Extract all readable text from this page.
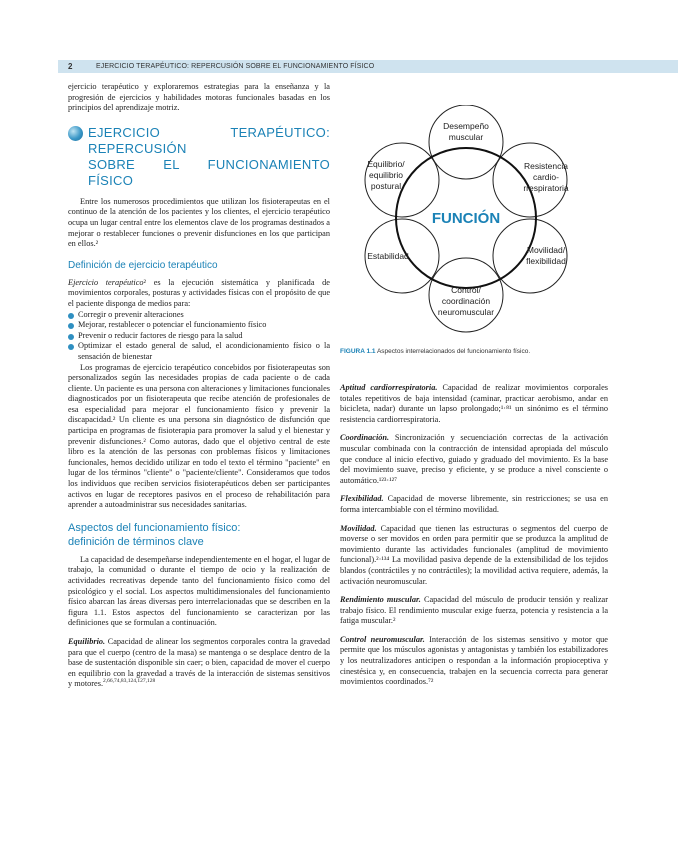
2	EJERCICIO TERAPÉUTICO: REPERCUSIÓN SOBRE EL FUNCIONAMIENTO FÍSICO

ejercicio terapéutico y exploraremos estrategias para la enseñanza y la progresión de ejercicios y habilidades motoras funcionales basadas en los principios del aprendizaje motriz.

EJERCICIO TERAPÉUTICO: REPERCUSIÓN
SOBRE EL FUNCIONAMIENTO FÍSICO

Entre los numerosos procedimientos que utilizan los fisioterapeutas en el continuo de la atención de los pacientes y los clientes, el ejercicio terapéutico ocupa un lugar central entre los elementos clave de los programas destinados a mejorar o restablecer funciones o prevenir disfunciones en los que participan en ellos.²

Definición de ejercicio terapéutico

Ejercicio terapéutico² es la ejecución sistemática y planificada de movimientos corporales, posturas y actividades físicas con el propósito de que el paciente disponga de medios para:

Corregir o prevenir alteraciones
Mejorar, restablecer o potenciar el funcionamiento físico
Prevenir o reducir factores de riesgo para la salud
Optimizar el estado general de salud, el acondicionamiento físico o la sensación de bienestar

Los programas de ejercicio terapéutico concebidos por fisioterapeutas son personalizados según las necesidades propias de cada paciente o de cada cliente. Un paciente es una persona con alteraciones y limitaciones funcionales diagnosticados por un fisioterapeuta que recibe atención de profesionales de esa especialidad para mejorar el funcionamiento físico y prevenir la discapacidad.² Un cliente es una persona sin diagnóstico de disfunción que participa en programas de fisioterapia para promover la salud y el bienestar y prevenir disfunciones.² Como autoras, dado que el objetivo central de este libro es la atención de las personas con problemas físicos y limitaciones funcionales, hemos decidido utilizar en todo el texto el término "paciente" en lugar de los términos "cliente" o "paciente/cliente". Consideramos que todos los individuos que reciben servicios fisioterapéuticos deben ser participantes activos en lugar de receptores pasivos en el proceso de rehabilitación para aprender a autoadministrar sus necesidades sanitarias.

Aspectos del funcionamiento físico:
definición de términos clave

La capacidad de desempeñarse independientemente en el hogar, el lugar de trabajo, la comunidad o durante el tiempo de ocio y la realización de actividades recreativas depende tanto del funcionamiento físico como del psicológico y el social. Los aspectos multidimensionales del funcionamiento físico abarcan las áreas diversas pero interrelacionadas que se describen en la figura 1.1. Estos aspectos del funcionamiento se caracterizan por las definiciones que se formulan a continuación.

Equilibrio. Capacidad de alinear los segmentos corporales contra la gravedad para que el cuerpo (centro de la masa) se mantenga o se desplace dentro de la base de sustentación disponible sin caer; o bien, capacidad de mover el cuerpo en equilibrio con la gravedad a través de la interacción de sistemas sensitivos y motores.$^{2,66,74,83,124,127,128}$

FUNCIÓN
Desempeño muscular
Resistencia cardio-rrespiratoria
Movilidad/ flexibilidad
Control/ coordinación neuromuscular
Estabilidad
Equilibrio/ equilibrio postural
FIGURA 1.1 Aspectos interrelacionados del funcionamiento físico.

Aptitud cardiorrespiratoria. Capacidad de realizar movimientos corporales totales repetitivos de baja intensidad (caminar, practicar aerobismo, andar en bicicleta, nadar) durante un lapso prolongado;¹·⁸¹ un sinónimo es el término resistencia cardiorrespiratoria.

Coordinación. Sincronización y secuenciación correctas de la activación muscular combinada con la contracción de intensidad apropiada del músculo que conduce al inicio efectivo, guiado y graduado del movimiento. Es la base del movimiento suave, preciso y eficiente, y se produce a nivel consciente o automático.¹²³·¹²⁷

Flexibilidad. Capacidad de moverse libremente, sin restricciones; se usa en forma intercambiable con el término movilidad.

Movilidad. Capacidad que tienen las estructuras o segmentos del cuerpo de moverse o ser movidos en orden para permitir que se produzca la amplitud de movimiento durante las actividades funcionales (amplitud de movimiento funcional).²·¹³⁴ La movilidad pasiva depende de la extensibilidad de los tejidos blandos (contráctiles y no contráctiles); la movilidad activa requiere, además, la activación neuromuscular.

Rendimiento muscular. Capacidad del músculo de producir tensión y realizar trabajo físico. El rendimiento muscular exige fuerza, potencia y resistencia a la fatiga muscular.²

Control neuromuscular. Interacción de los sistemas sensitivo y motor que permite que los músculos agonistas y antagonistas y también los estabilizadores y los neutralizadores anticipen o respondan a la información propioceptiva y cinestésica y, en consecuencia, trabajen en la secuencia correcta para generar movimientos coordinados.⁷²
